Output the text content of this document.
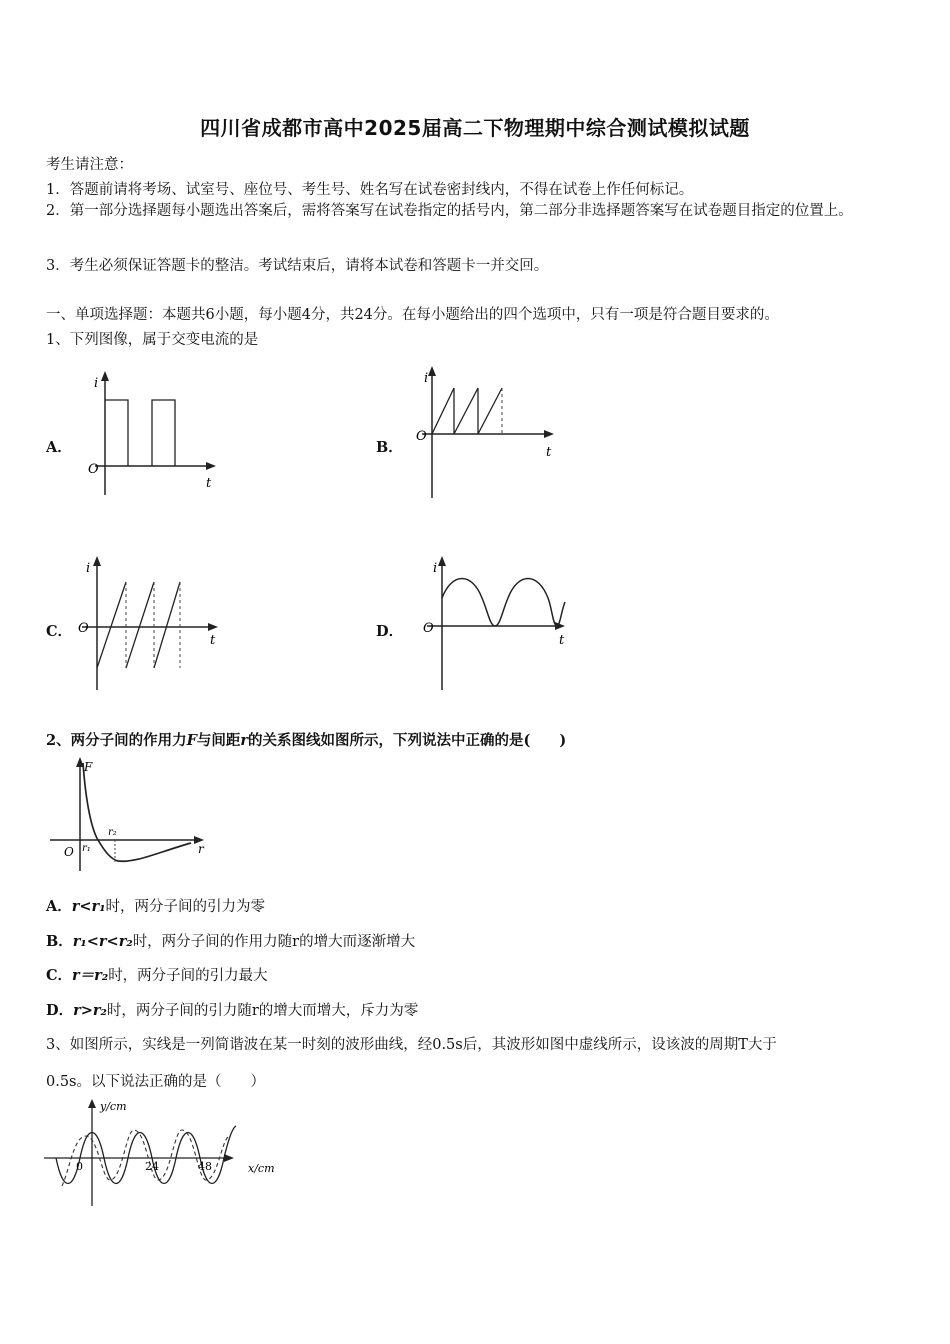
四川省成都市高中2025届高二下物理期中综合测试模拟试题
考生请注意：
1．答题前请将考场、试室号、座位号、考生号、姓名写在试卷密封线内，不得在试卷上作任何标记。
2．第一部分选择题每小题选出答案后，需将答案写在试卷指定的括号内，第二部分非选择题答案写在试卷题目指定的位置上。
3．考生必须保证答题卡的整洁。考试结束后，请将本试卷和答题卡一并交回。
一、单项选择题：本题共6小题，每小题4分，共24分。在每小题给出的四个选项中，只有一项是符合题目要求的。
1、下列图像，属于交变电流的是
A．	B．
C．	D．
i
O
t
i
O
t
i
O
t
i
O
t
2、两分子间的作用力F与间距r的关系图线如图所示，下列说法中正确的是(　　)
F
r
O r₁
r₂
A．r<r₁时，两分子间的引力为零
B．r₁<r<r₂时，两分子间的作用力随r的增大而逐渐增大
C．r＝r₂时，两分子间的引力最大
D．r>r₂时，两分子间的引力随r的增大而增大，斥力为零
3、如图所示，实线是一列简谐波在某一时刻的波形曲线，经0.5s后，其波形如图中虚线所示，设该波的周期T大于
0.5s。以下说法正确的是（　　）
y/cm
x/cm
0	24	48
